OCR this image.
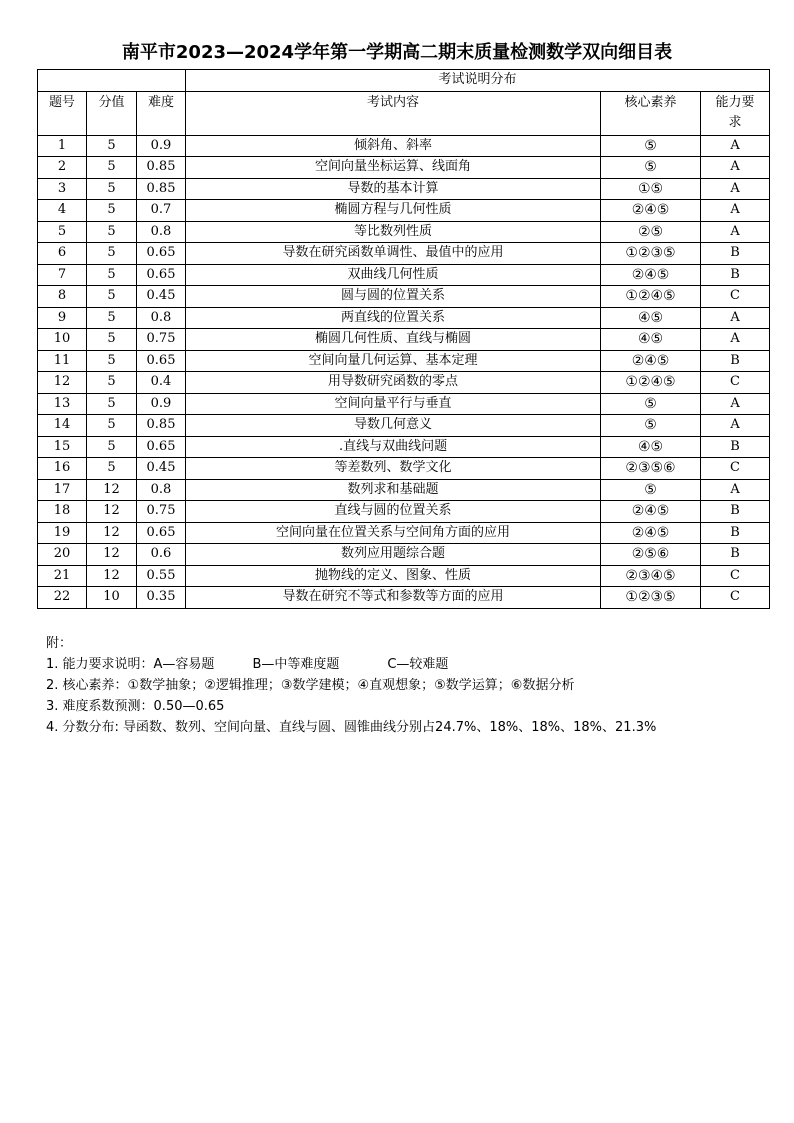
南平市2023—2024学年第一学期高二期末质量检测数学双向细目表
			考试说明分布		
题号	分值	难度	考试内容	核心素养	能力要求
1	5	0.9	倾斜角、斜率	⑤	A
2	5	0.85	空间向量坐标运算、线面角	⑤	A
3	5	0.85	导数的基本计算	①⑤	A
4	5	0.7	椭圆方程与几何性质	②④⑤	A
5	5	0.8	等比数列性质	②⑤	A
6	5	0.65	导数在研究函数单调性、最值中的应用	①②③⑤	B
7	5	0.65	双曲线几何性质	②④⑤	B
8	5	0.45	圆与圆的位置关系	①②④⑤	C
9	5	0.8	两直线的位置关系	④⑤	A
10	5	0.75	椭圆几何性质、直线与椭圆	④⑤	A
11	5	0.65	空间向量几何运算、基本定理	②④⑤	B
12	5	0.4	用导数研究函数的零点	①②④⑤	C
13	5	0.9	空间向量平行与垂直	⑤	A
14	5	0.85	导数几何意义	⑤	A
15	5	0.65	.直线与双曲线问题	④⑤	B
16	5	0.45	等差数列、数学文化	②③⑤⑥	C
17	12	0.8	数列求和基础题	⑤	A
18	12	0.75	直线与圆的位置关系	②④⑤	B
19	12	0.65	空间向量在位置关系与空间角方面的应用	②④⑤	B
20	12	0.6	数列应用题综合题	②⑤⑥	B
21	12	0.55	抛物线的定义、图象、性质	②③④⑤	C
22	10	0.35	导数在研究不等式和参数等方面的应用	①②③⑤	C
附：
1. 能力要求说明：A—容易题	B—中等难度题	C—较难题
2. 核心素养：①数学抽象；②逻辑推理；③数学建模；④直观想象；⑤数学运算；⑥数据分析
3. 难度系数预测：0.50—0.65
4. 分数分布: 导函数、数列、空间向量、直线与圆、圆锥曲线分别占24.7%、18%、18%、18%、21.3%
